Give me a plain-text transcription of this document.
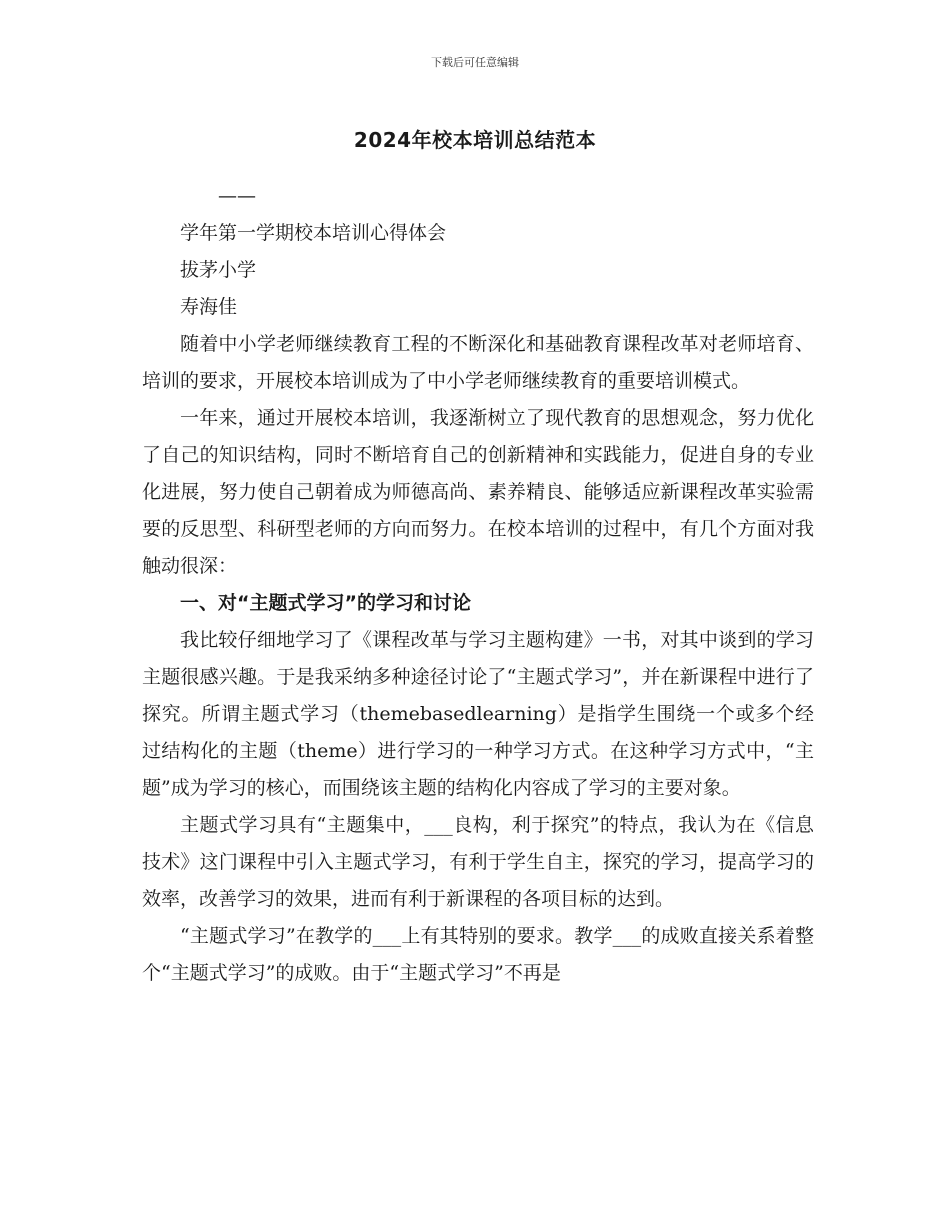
下载后可任意编辑
2024年校本培训总结范本

——

学年第一学期校本培训心得体会

拔茅小学

寿海佳

随着中小学老师继续教育工程的不断深化和基础教育课程改革对老师培育、培训的要求，开展校本培训成为了中小学老师继续教育的重要培训模式。

一年来，通过开展校本培训，我逐渐树立了现代教育的思想观念，努力优化了自己的知识结构，同时不断培育自己的创新精神和实践能力，促进自身的专业化进展，努力使自己朝着成为师德高尚、素养精良、能够适应新课程改革实验需要的反思型、科研型老师的方向而努力。在校本培训的过程中，有几个方面对我触动很深：

一、对“主题式学习”的学习和讨论

我比较仔细地学习了《课程改革与学习主题构建》一书，对其中谈到的学习主题很感兴趣。于是我采纳多种途径讨论了“主题式学习”，并在新课程中进行了探究。所谓主题式学习（themebasedlearning）是指学生围绕一个或多个经过结构化的主题（theme）进行学习的一种学习方式。在这种学习方式中，“主题”成为学习的核心，而围绕该主题的结构化内容成了学习的主要对象。

主题式学习具有“主题集中，___良构，利于探究”的特点，我认为在《信息技术》这门课程中引入主题式学习，有利于学生自主，探究的学习，提高学习的效率，改善学习的效果，进而有利于新课程的各项目标的达到。

“主题式学习”在教学的___上有其特别的要求。教学___的成败直接关系着整个“主题式学习”的成败。由于“主题式学习”不再是
